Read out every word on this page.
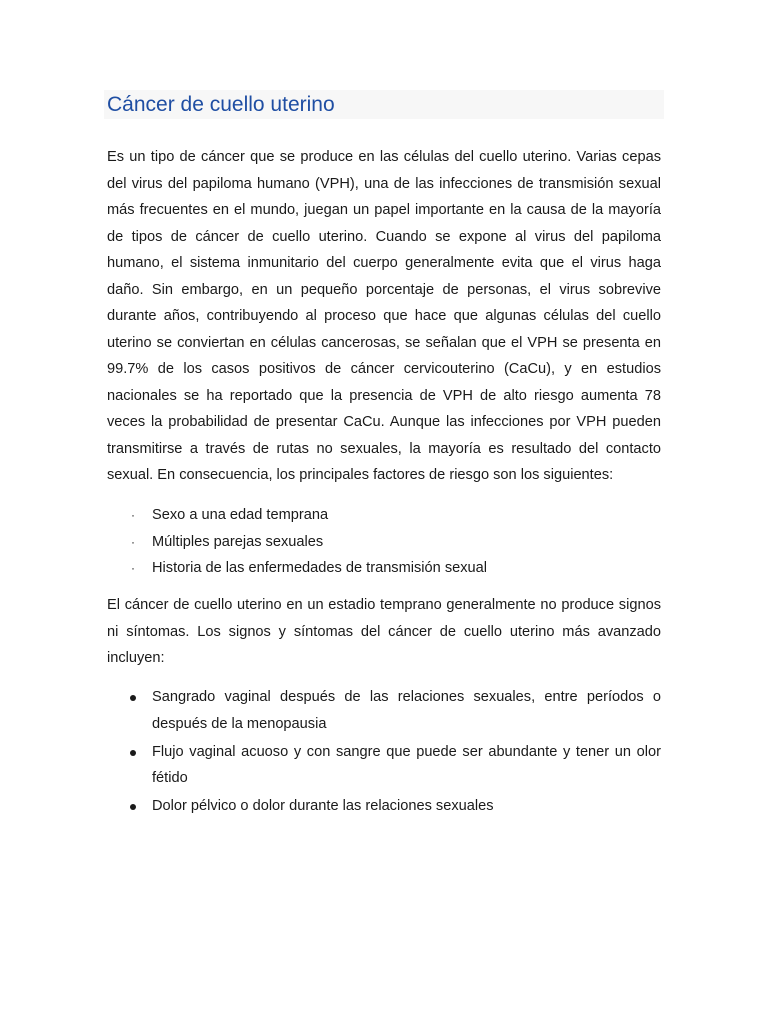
Cáncer de cuello uterino

Es un tipo de cáncer que se produce en las células del cuello uterino. Varias cepas del virus del papiloma humano (VPH), una de las infecciones de transmisión sexual más frecuentes en el mundo, juegan un papel importante en la causa de la mayoría de tipos de cáncer de cuello uterino. Cuando se expone al virus del papiloma humano, el sistema inmunitario del cuerpo generalmente evita que el virus haga daño. Sin embargo, en un pequeño porcentaje de personas, el virus sobrevive durante años, contribuyendo al proceso que hace que algunas células del cuello uterino se conviertan en células cancerosas, se señalan que el VPH se presenta en 99.7% de los casos positivos de cáncer cervicouterino (CaCu), y en estudios nacionales se ha reportado que la presencia de VPH de alto riesgo aumenta 78 veces la probabilidad de presentar CaCu. Aunque las infecciones por VPH pueden transmitirse a través de rutas no sexuales, la mayoría es resultado del contacto sexual. En consecuencia, los principales factores de riesgo son los siguientes:

·	Sexo a una edad temprana
·	Múltiples parejas sexuales
·	Historia de las enfermedades de transmisión sexual

El cáncer de cuello uterino en un estadio temprano generalmente no produce signos ni síntomas. Los signos y síntomas del cáncer de cuello uterino más avanzado incluyen:

Sangrado vaginal después de las relaciones sexuales, entre períodos o después de la menopausia
Flujo vaginal acuoso y con sangre que puede ser abundante y tener un olor fétido
Dolor pélvico o dolor durante las relaciones sexuales
